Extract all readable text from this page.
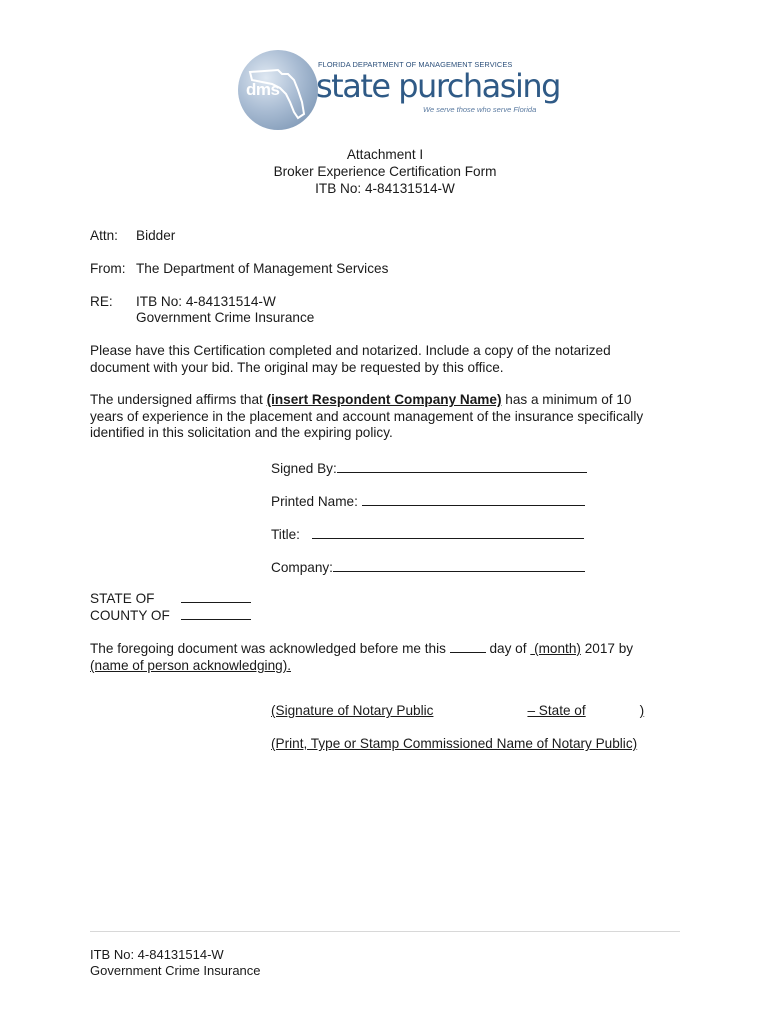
dms
FLORIDA DEPARTMENT OF MANAGEMENT SERVICES
state purchasing
We serve those who serve Florida
Attachment I
Broker Experience Certification Form
ITB No: 4-84131514-W
Attn: Bidder
From: The Department of Management Services
RE: ITB No: 4-84131514-W
Government Crime Insurance
Please have this Certification completed and notarized. Include a copy of the notarized
document with your bid. The original may be requested by this office.
The undersigned affirms that (insert Respondent Company Name) has a minimum of 10
years of experience in the placement and account management of the insurance specifically
identified in this solicitation and the expiring policy.
Signed By:
Printed Name:
Title:
Company:
STATE OF
COUNTY OF
The foregoing document was acknowledged before me this	day of  (month) 2017 by
(name of person acknowledging).
(Signature of Notary Public	– State of	)
(Print, Type or Stamp Commissioned Name of Notary Public)
ITB No: 4-84131514-W
Government Crime Insurance
